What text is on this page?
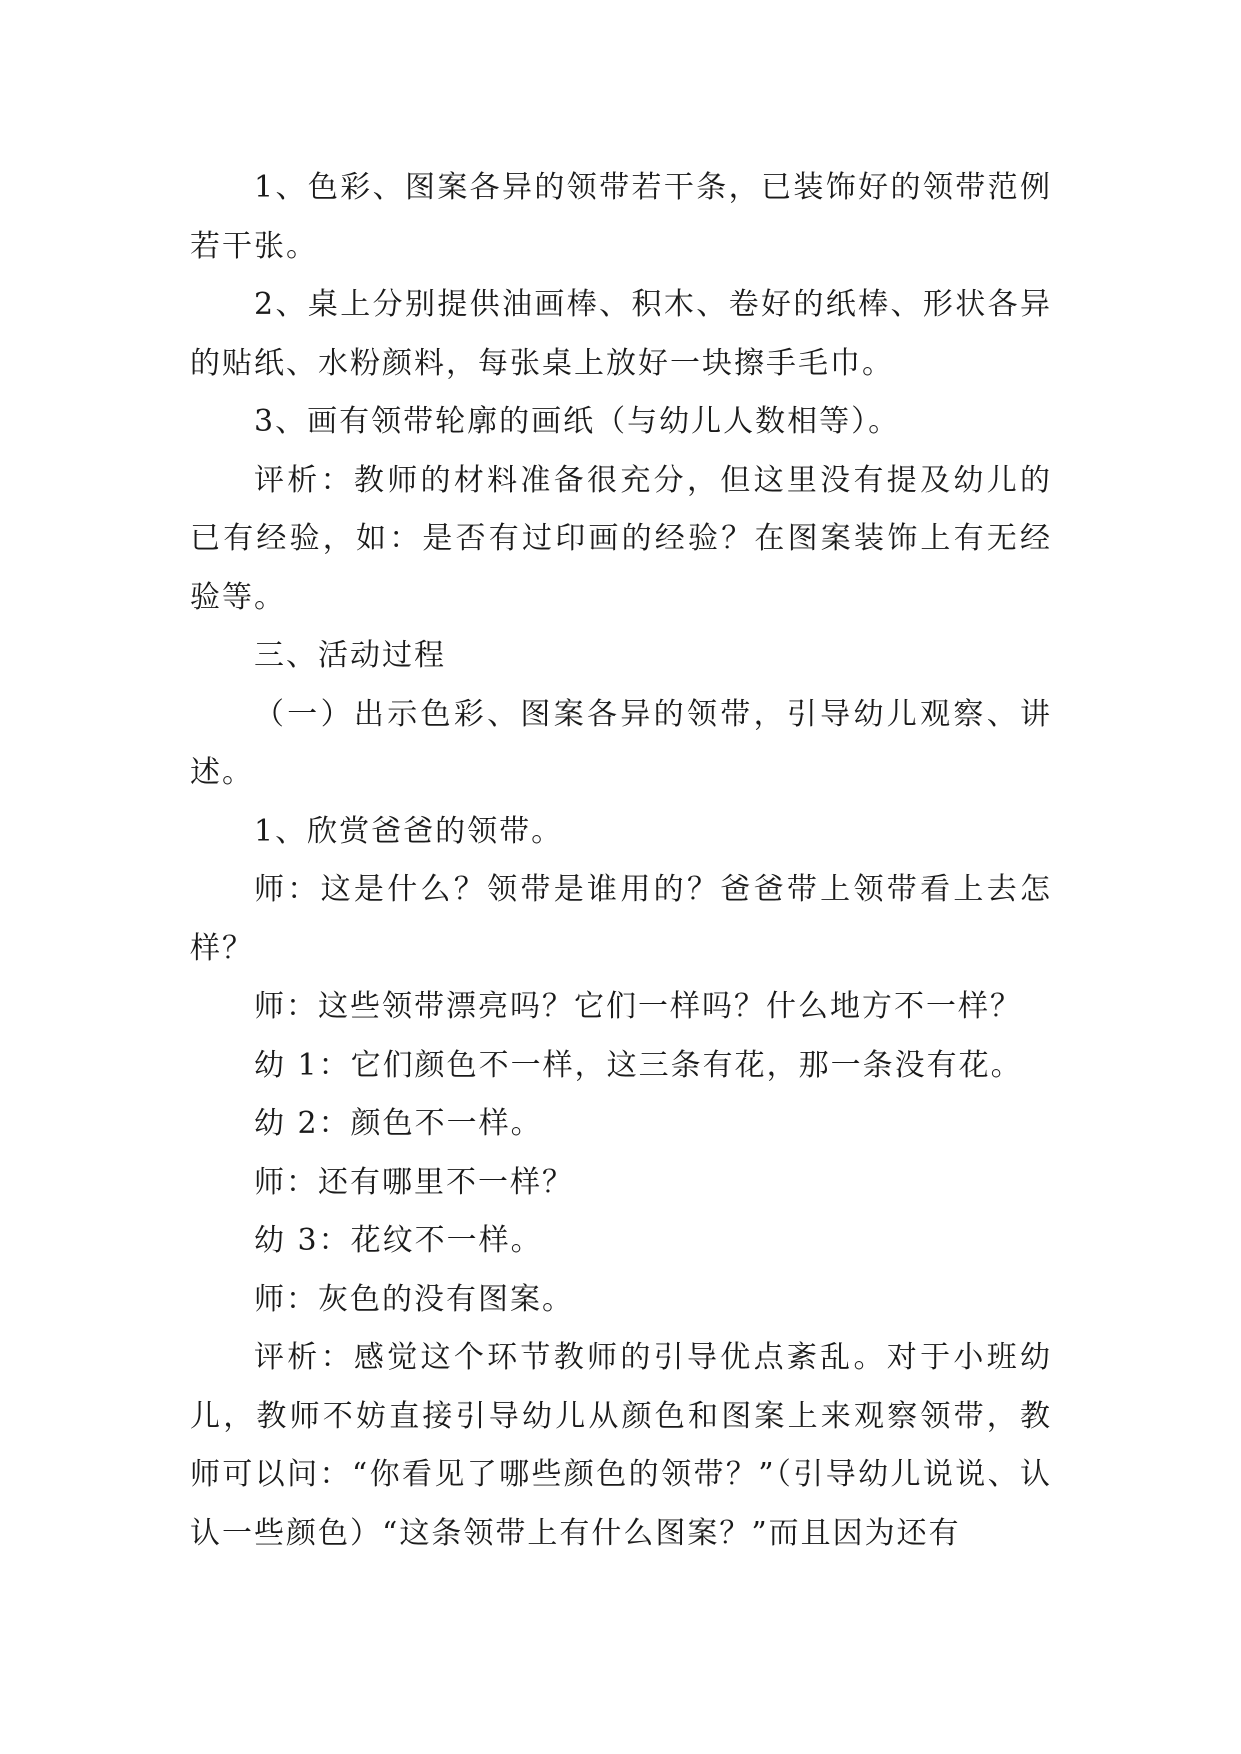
1、色彩、图案各异的领带若干条，已装饰好的领带范例若干张。

2、桌上分别提供油画棒、积木、卷好的纸棒、形状各异的贴纸、水粉颜料，每张桌上放好一块擦手毛巾。

3、画有领带轮廓的画纸（与幼儿人数相等）。

评析：教师的材料准备很充分，但这里没有提及幼儿的已有经验，如：是否有过印画的经验？在图案装饰上有无经验等。

三、活动过程

（一）出示色彩、图案各异的领带，引导幼儿观察、讲述。

1、欣赏爸爸的领带。

师：这是什么？领带是谁用的？爸爸带上领带看上去怎样？

师：这些领带漂亮吗？它们一样吗？什么地方不一样？

幼 1：它们颜色不一样，这三条有花，那一条没有花。

幼 2：颜色不一样。

师：还有哪里不一样？

幼 3：花纹不一样。

师：灰色的没有图案。

评析：感觉这个环节教师的引导优点紊乱。对于小班幼儿，教师不妨直接引导幼儿从颜色和图案上来观察领带，教师可以问：“你看见了哪些颜色的领带？”（引导幼儿说说、认认一些颜色）“这条领带上有什么图案？”而且因为还有
